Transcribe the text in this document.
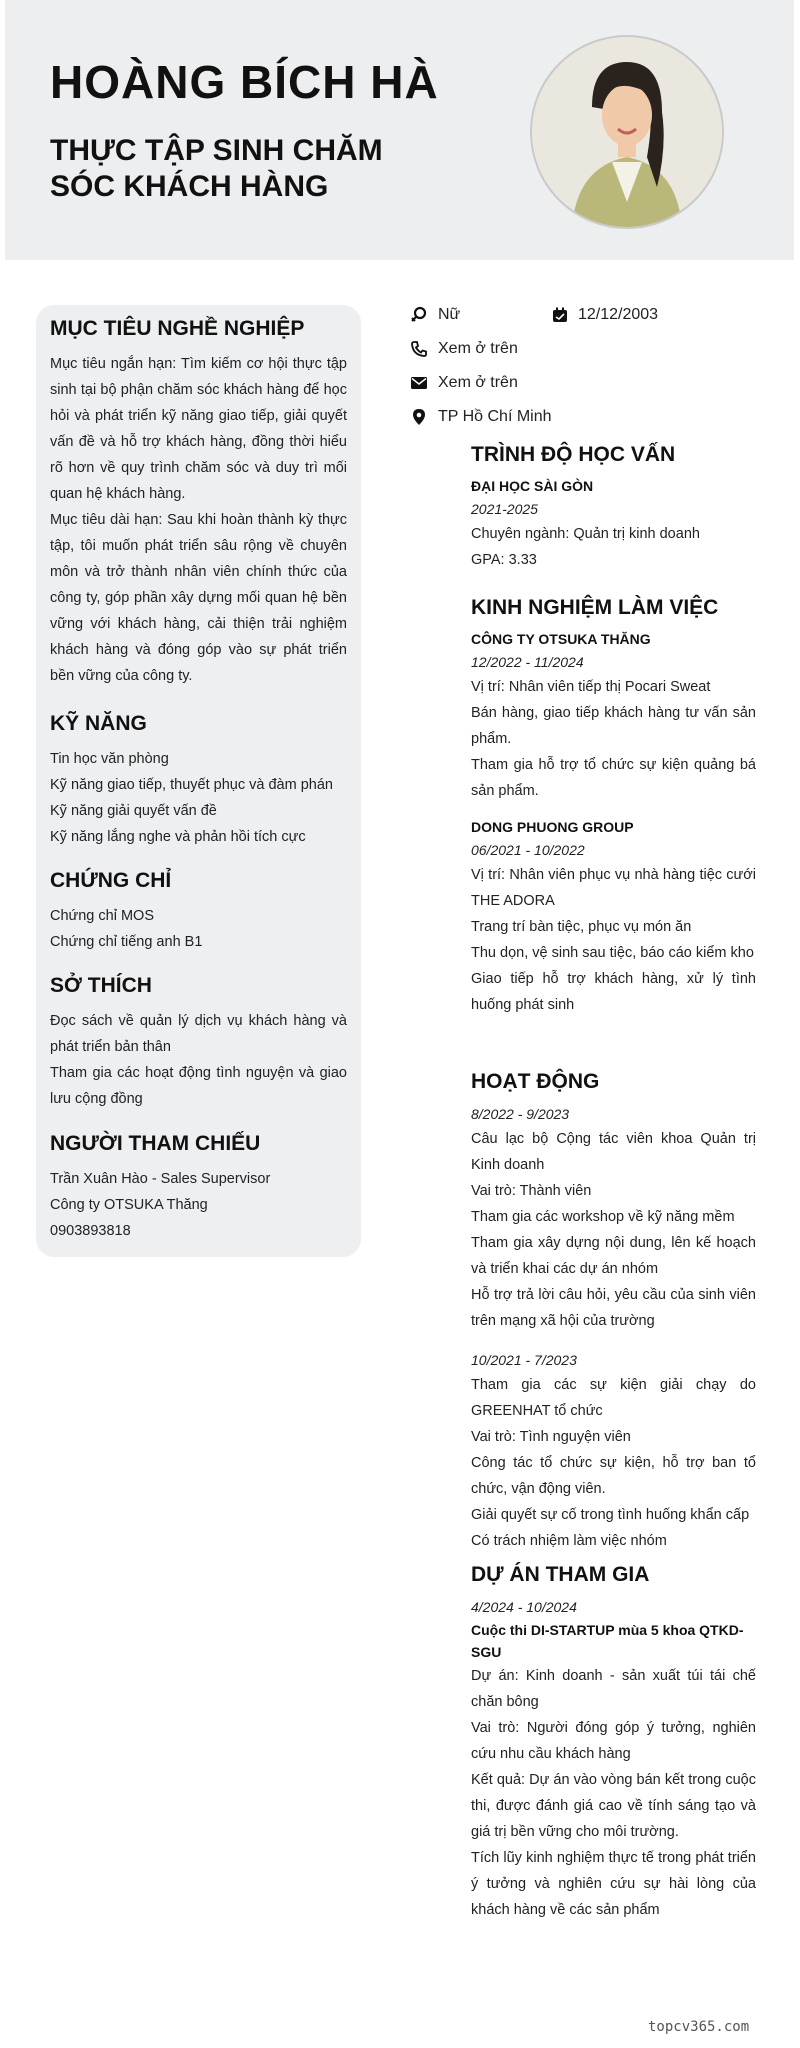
HOÀNG BÍCH HÀ
THỰC TẬP SINH CHĂM SÓC KHÁCH HÀNG
MỤC TIÊU NGHỀ NGHIỆP

Mục tiêu ngắn hạn: Tìm kiếm cơ hội thực tập sinh tại bộ phận chăm sóc khách hàng để học hỏi và phát triển kỹ năng giao tiếp, giải quyết vấn đề và hỗ trợ khách hàng, đồng thời hiểu rõ hơn về quy trình chăm sóc và duy trì mối quan hệ khách hàng.

Mục tiêu dài hạn: Sau khi hoàn thành kỳ thực tập, tôi muốn phát triển sâu rộng về chuyên môn và trở thành nhân viên chính thức của công ty, góp phần xây dựng mối quan hệ bền vững với khách hàng, cải thiện trải nghiệm khách hàng và đóng góp vào sự phát triển bền vững của công ty.

KỸ NĂNG

Tin học văn phòng

Kỹ năng giao tiếp, thuyết phục và đàm phán

Kỹ năng giải quyết vấn đề

Kỹ năng lắng nghe và phản hồi tích cực

CHỨNG CHỈ

Chứng chỉ MOS

Chứng chỉ tiếng anh B1

SỞ THÍCH

Đọc sách về quản lý dịch vụ khách hàng và phát triển bản thân

Tham gia các hoạt động tình nguyện và giao lưu cộng đồng

NGƯỜI THAM CHIẾU

Trần Xuân Hào - Sales Supervisor

Công ty OTSUKA Thăng

0903893818

Nữ	12/12/2003
Xem ở trên
Xem ở trên
TP Hồ Chí Minh
TRÌNH ĐỘ HỌC VẤN
ĐẠI HỌC SÀI GÒN
2021-2025

Chuyên ngành: Quản trị kinh doanh

GPA: 3.33

KINH NGHIỆM LÀM VIỆC
CÔNG TY OTSUKA THĂNG
12/2022 - 11/2024

Vị trí: Nhân viên tiếp thị Pocari Sweat

Bán hàng, giao tiếp khách hàng tư vấn sản phẩm.

Tham gia hỗ trợ tổ chức sự kiện quảng bá sản phẩm.

DONG PHUONG GROUP
06/2021 - 10/2022

Vị trí: Nhân viên phục vụ nhà hàng tiệc cưới THE ADORA

Trang trí bàn tiệc, phục vụ món ăn

Thu dọn, vệ sinh sau tiệc, báo cáo kiểm kho

Giao tiếp hỗ trợ khách hàng, xử lý tình huống phát sinh

HOẠT ĐỘNG
8/2022 - 9/2023

Câu lạc bộ Cộng tác viên khoa Quản trị Kinh doanh

Vai trò: Thành viên

Tham gia các workshop về kỹ năng mềm

Tham gia xây dựng nội dung, lên kế hoạch và triển khai các dự án nhóm

Hỗ trợ trả lời câu hỏi, yêu cầu của sinh viên trên mạng xã hội của trường

10/2021 - 7/2023

Tham gia các sự kiện giải chạy do GREENHAT tổ chức

Vai trò: Tình nguyện viên

Công tác tổ chức sự kiện, hỗ trợ ban tổ chức, vận động viên.

Giải quyết sự cố trong tình huống khẩn cấp

Có trách nhiệm làm việc nhóm

DỰ ÁN THAM GIA
4/2024 - 10/2024
Cuộc thi DI-STARTUP mùa 5 khoa QTKD-SGU

Dự án: Kinh doanh - sản xuất túi tái chế chăn bông

Vai trò: Người đóng góp ý tưởng, nghiên cứu nhu cầu khách hàng

Kết quả: Dự án vào vòng bán kết trong cuộc thi, được đánh giá cao về tính sáng tạo và giá trị bền vững cho môi trường.

Tích lũy kinh nghiệm thực tế trong phát triển ý tưởng và nghiên cứu sự hài lòng của khách hàng về các sản phẩm

topcv365.com
